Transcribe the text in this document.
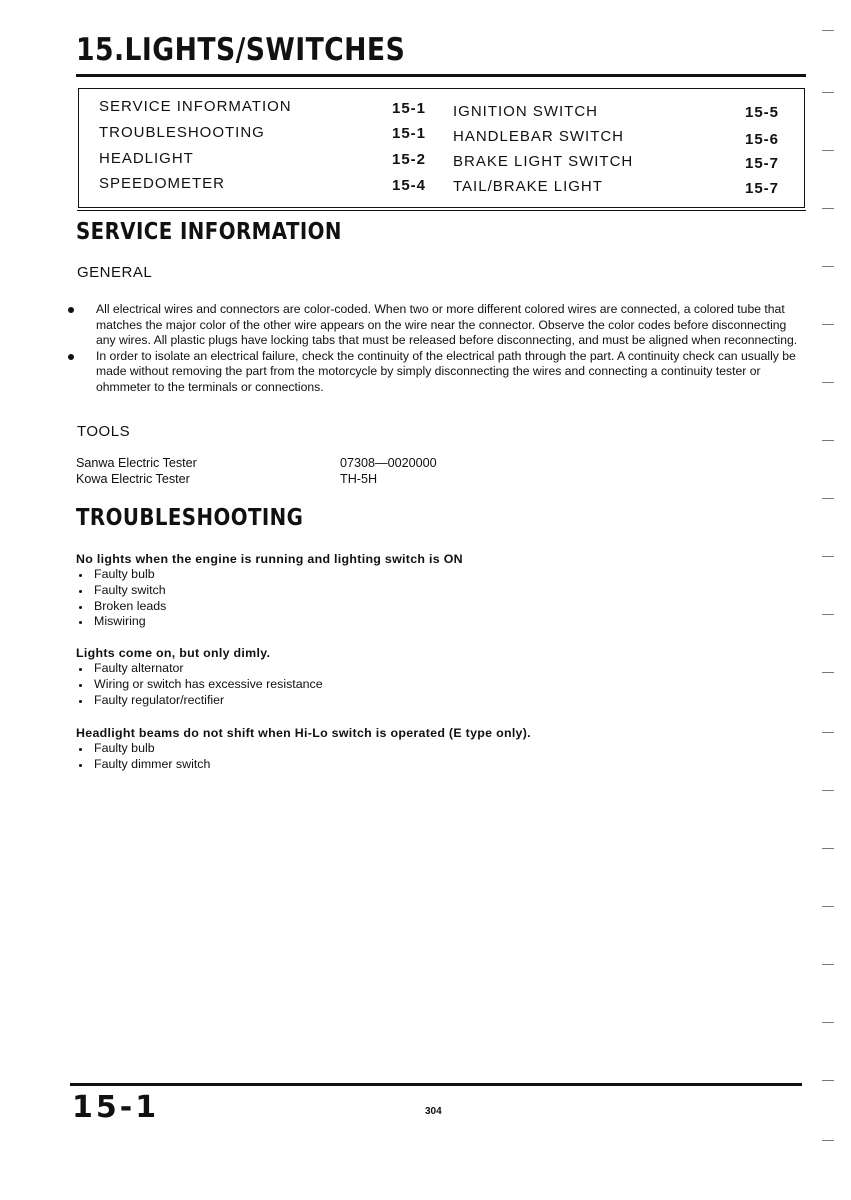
15.LIGHTS/SWITCHES
SERVICE INFORMATION	15-1
TROUBLESHOOTING	15-1
HEADLIGHT	15-2
SPEEDOMETER	15-4
IGNITION SWITCH	15-5
HANDLEBAR SWITCH	15-6
BRAKE LIGHT SWITCH	15-7
TAIL/BRAKE LIGHT	15-7
SERVICE INFORMATION
GENERAL
All electrical wires and connectors are color-coded. When two or more different colored wires are connected, a colored tube that matches the major color of the other wire appears on the wire near the connector. Observe the color codes before disconnecting any wires. All plastic plugs have locking tabs that must be released before disconnecting, and must be aligned when reconnecting.
In order to isolate an electrical failure, check the continuity of the electrical path through the part. A continuity check can usually be made without removing the part from the motorcycle by simply disconnecting the wires and connecting a continuity tester or ohmmeter to the terminals or connections.
TOOLS
Sanwa Electric Tester	07308—0020000
Kowa Electric Tester	TH-5H
TROUBLESHOOTING
No lights when the engine is running and lighting switch is ON
Faulty bulb
Faulty switch
Broken leads
Miswiring
Lights come on, but only dimly.
Faulty alternator
Wiring or switch has excessive resistance
Faulty regulator/rectifier
Headlight beams do not shift when Hi-Lo switch is operated (E type only).
Faulty bulb
Faulty dimmer switch
15-1	304
